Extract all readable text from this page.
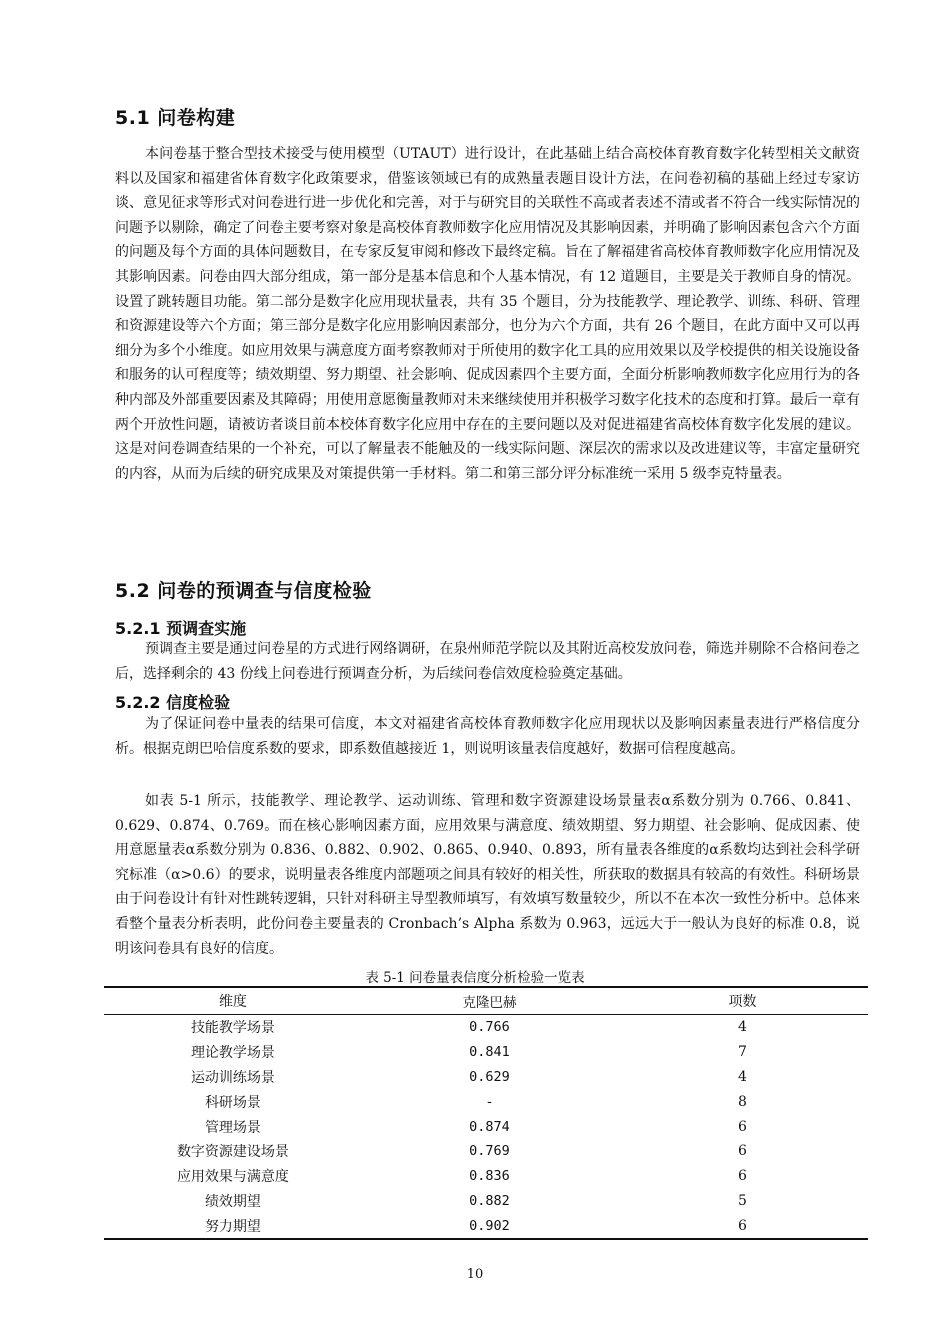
5.1 问卷构建

本问卷基于整合型技术接受与使用模型（UTAUT）进行设计，在此基础上结合高校体育教育数字化转型相关文献资料以及国家和福建省体育数字化政策要求，借鉴该领域已有的成熟量表题目设计方法，在问卷初稿的基础上经过专家访谈、意见征求等形式对问卷进行进一步优化和完善，对于与研究目的关联性不高或者表述不清或者不符合一线实际情况的问题予以剔除，确定了问卷主要考察对象是高校体育教师数字化应用情况及其影响因素，并明确了影响因素包含六个方面的问题及每个方面的具体问题数目，在专家反复审阅和修改下最终定稿。旨在了解福建省高校体育教师数字化应用情况及其影响因素。问卷由四大部分组成，第一部分是基本信息和个人基本情况，有 12 道题目，主要是关于教师自身的情况。设置了跳转题目功能。第二部分是数字化应用现状量表，共有 35 个题目，分为技能教学、理论教学、训练、科研、管理和资源建设等六个方面；第三部分是数字化应用影响因素部分，也分为六个方面，共有 26 个题目，在此方面中又可以再细分为多个小维度。如应用效果与满意度方面考察教师对于所使用的数字化工具的应用效果以及学校提供的相关设施设备和服务的认可程度等；绩效期望、努力期望、社会影响、促成因素四个主要方面，全面分析影响教师数字化应用行为的各种内部及外部重要因素及其障碍；用使用意愿衡量教师对未来继续使用并积极学习数字化技术的态度和打算。最后一章有两个开放性问题，请被访者谈目前本校体育数字化应用中存在的主要问题以及对促进福建省高校体育数字化发展的建议。这是对问卷调查结果的一个补充，可以了解量表不能触及的一线实际问题、深层次的需求以及改进建议等，丰富定量研究的内容，从而为后续的研究成果及对策提供第一手材料。第二和第三部分评分标准统一采用 5 级李克特量表。

5.2 问卷的预调查与信度检验
5.2.1 预调查实施

预调查主要是通过问卷星的方式进行网络调研，在泉州师范学院以及其附近高校发放问卷，筛选并剔除不合格问卷之后，选择剩余的 43 份线上问卷进行预调查分析，为后续问卷信效度检验奠定基础。

5.2.2 信度检验

为了保证问卷中量表的结果可信度，本文对福建省高校体育教师数字化应用现状以及影响因素量表进行严格信度分析。根据克朗巴哈信度系数的要求，即系数值越接近 1，则说明该量表信度越好，数据可信程度越高。

如表 5-1 所示，技能教学、理论教学、运动训练、管理和数字资源建设场景量表α系数分别为 0.766、0.841、0.629、0.874、0.769。而在核心影响因素方面，应用效果与满意度、绩效期望、努力期望、社会影响、促成因素、使用意愿量表α系数分别为 0.836、0.882、0.902、0.865、0.940、0.893，所有量表各维度的α系数均达到社会科学研究标准（α>0.6）的要求，说明量表各维度内部题项之间具有较好的相关性，所获取的数据具有较高的有效性。科研场景由于问卷设计有针对性跳转逻辑，只针对科研主导型教师填写，有效填写数量较少，所以不在本次一致性分析中。总体来看整个量表分析表明，此份问卷主要量表的 Cronbach’s Alpha 系数为 0.963，远远大于一般认为良好的标准 0.8，说明该问卷具有良好的信度。

表 5-1 问卷量表信度分析检验一览表
维度	克隆巴赫	项数
技能教学场景	0.766	4
理论教学场景	0.841	7
运动训练场景	0.629	4
科研场景	-	8
管理场景	0.874	6
数字资源建设场景	0.769	6
应用效果与满意度	0.836	6
绩效期望	0.882	5
努力期望	0.902	6
10
